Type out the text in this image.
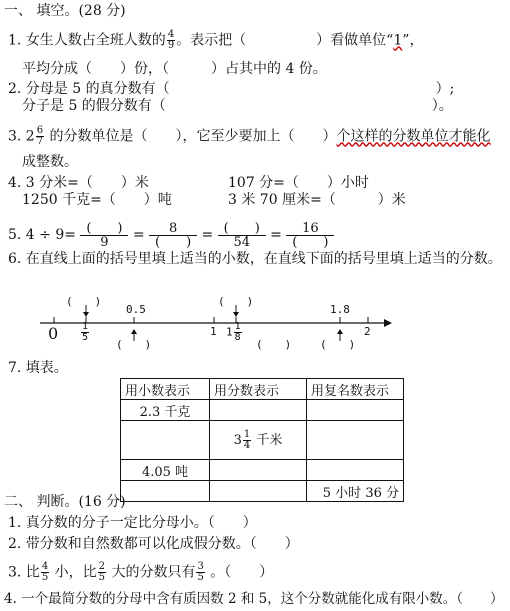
一、 填空。(28 分)
1. 女生人数占全班人数的 $\frac{4}{9}$ 。表示把（　　　　　）看做单位“1”，
平均分成（　　）份，（　　　）占其中的 4 份。
2. 分母是 5 的真分数有（　　　　　　　　　　　　　　　　　　　）;
分子是 5 的假分数有（　　　　　　　　　　　　　　　　　　　）。
3. $2 \frac{6}{7}$ 的分数单位是（　　），它至少要加上（　　）个这样的分数单位才能化
成整数。
4. 3 分米=（　　）米	107 分=（　　）小时
1250 千克=（　　）吨	3 米 70 厘米=（　　　）米
5. 4 ÷ 9= (　　)
9 =	8
(　　) = (　　)
54 =	16
(　　)
6. 在直线上面的括号里填上适当的小数，在直线下面的括号里填上适当的分数。
(　　)
0.5
(　　)
1.8
$0 \frac{1}{5}$	1 $1 \frac{1}{8}$	2
(　　)	(　　)	(　　)
7. 填表。
用小数表示	用分数表示	用复名数表示
2.3 千克		
	$3 \frac{1}{4}$ 千米	
4.05 吨		
		5 小时 36 分
二、 判断。(16 分)
1. 真分数的分子一定比分母小。（　　）
2. 带分数和自然数都可以化成假分数。（　　）
3. 比 $\frac{4}{5}$ 小，比 $\frac{2}{5}$ 大的分数只有 $\frac{3}{5}$ 。（　　）
4. 一个最简分数的分母中含有质因数 2 和 5，这个分数就能化成有限小数。（　　）
